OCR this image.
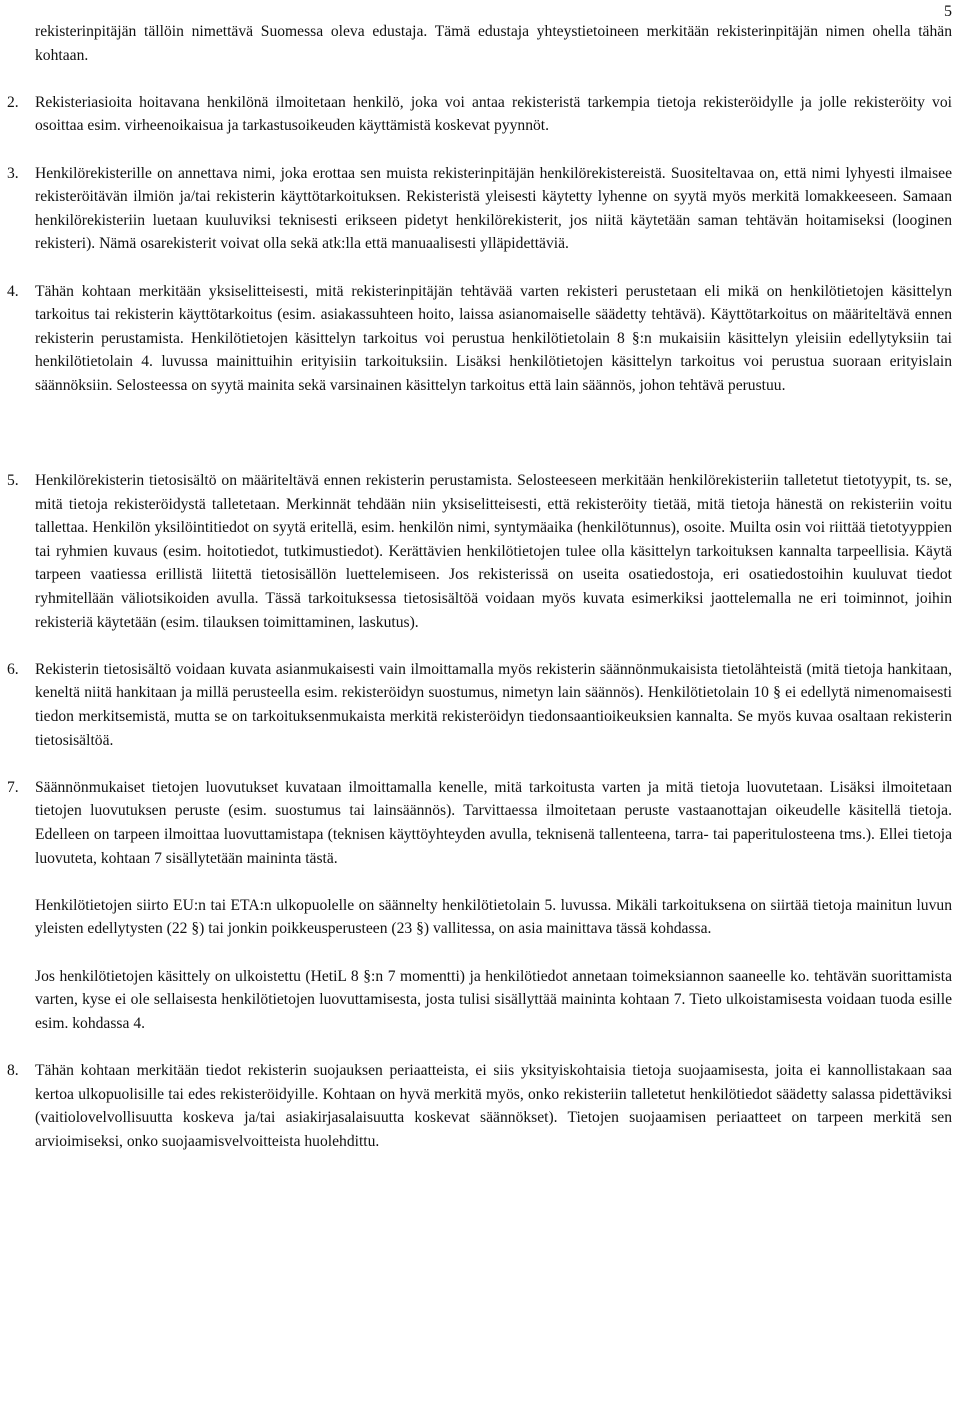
5
rekisterinpitäjän tällöin nimettävä Suomessa oleva edustaja. Tämä edustaja yhteystietoineen merkitään rekisterinpitäjän nimen ohella tähän kohtaan.
2. Rekisteriasioita hoitavana henkilönä ilmoitetaan henkilö, joka voi antaa rekisteristä tarkempia tietoja rekisteröidylle ja jolle rekisteröity voi osoittaa esim. virheenoikaisua ja tarkastusoikeuden käyttämistä koskevat pyynnöt.
3. Henkilörekisterille on annettava nimi, joka erottaa sen muista rekisterinpitäjän henkilörekistereistä. Suositeltavaa on, että nimi lyhyesti ilmaisee rekisteröitävän ilmiön ja/tai rekisterin käyttötarkoituksen. Rekisteristä yleisesti käytetty lyhenne on syytä myös merkitä lomakkeeseen. Samaan henkilörekisteriin luetaan kuuluviksi teknisesti erikseen pidetyt henkilörekisterit, jos niitä käytetään saman tehtävän hoitamiseksi (looginen rekisteri). Nämä osarekisterit voivat olla sekä atk:lla että manuaalisesti ylläpidettäviä.
4. Tähän kohtaan merkitään yksiselitteisesti, mitä rekisterinpitäjän tehtävää varten rekisteri perustetaan eli mikä on henkilötietojen käsittelyn tarkoitus tai rekisterin käyttötarkoitus (esim. asiakassuhteen hoito, laissa asianomaiselle säädetty tehtävä). Käyttötarkoitus on määriteltävä ennen rekisterin perustamista. Henkilötietojen käsittelyn tarkoitus voi perustua henkilötietolain 8 §:n mukaisiin käsittelyn yleisiin edellytyksiin tai henkilötietolain 4. luvussa mainittuihin erityisiin tarkoituksiin. Lisäksi henkilötietojen käsittelyn tarkoitus voi perustua suoraan erityislain säännöksiin. Selosteessa on syytä mainita sekä varsinainen käsittelyn tarkoitus että lain säännös, johon tehtävä perustuu.
5. Henkilörekisterin tietosisältö on määriteltävä ennen rekisterin perustamista. Selosteeseen merkitään henkilörekisteriin talletetut tietotyypit, ts. se, mitä tietoja rekisteröidystä talletetaan. Merkinnät tehdään niin yksiselitteisesti, että rekisteröity tietää, mitä tietoja hänestä on rekisteriin voitu tallettaa. Henkilön yksilöintitiedot on syytä eritellä, esim. henkilön nimi, syntymäaika (henkilötunnus), osoite. Muilta osin voi riittää tietotyyppien tai ryhmien kuvaus (esim. hoitotiedot, tutkimustiedot). Kerättävien henkilötietojen tulee olla käsittelyn tarkoituksen kannalta tarpeellisia. Käytä tarpeen vaatiessa erillistä liitettä tietosisällön luettelemiseen. Jos rekisterissä on useita osatiedostoja, eri osatiedostoihin kuuluvat tiedot ryhmitellään väliotsikoiden avulla. Tässä tarkoituksessa tietosisältöä voidaan myös kuvata esimerkiksi jaottelemalla ne eri toiminnot, joihin rekisteriä käytetään (esim. tilauksen toimittaminen, laskutus).
6. Rekisterin tietosisältö voidaan kuvata asianmukaisesti vain ilmoittamalla myös rekisterin säännönmukaisista tietolähteistä (mitä tietoja hankitaan, keneltä niitä hankitaan ja millä perusteella esim. rekisteröidyn suostumus, nimetyn lain säännös). Henkilötietolain 10 § ei edellytä nimenomaisesti tiedon merkitsemistä, mutta se on tarkoituksenmukaista merkitä rekisteröidyn tiedonsaantioikeuksien kannalta. Se myös kuvaa osaltaan rekisterin tietosisältöä.
7. Säännönmukaiset tietojen luovutukset kuvataan ilmoittamalla kenelle, mitä tarkoitusta varten ja mitä tietoja luovutetaan. Lisäksi ilmoitetaan tietojen luovutuksen peruste (esim. suostumus tai lainsäännös). Tarvittaessa ilmoitetaan peruste vastaanottajan oikeudelle käsitellä tietoja. Edelleen on tarpeen ilmoittaa luovuttamistapa (teknisen käyttöyhteyden avulla, teknisenä tallenteena, tarra- tai paperitulosteena tms.). Ellei tietoja luovuteta, kohtaan 7 sisällytetään maininta tästä.
Henkilötietojen siirto EU:n tai ETA:n ulkopuolelle on säännelty henkilötietolain 5. luvussa. Mikäli tarkoituksena on siirtää tietoja mainitun luvun yleisten edellytysten (22 §) tai jonkin poikkeusperusteen (23 §) vallitessa, on asia mainittava tässä kohdassa.
Jos henkilötietojen käsittely on ulkoistettu (HetiL 8 §:n 7 momentti) ja henkilötiedot annetaan toimeksiannon saaneelle ko. tehtävän suorittamista varten, kyse ei ole sellaisesta henkilötietojen luovuttamisesta, josta tulisi sisällyttää maininta kohtaan 7. Tieto ulkoistamisesta voidaan tuoda esille esim. kohdassa 4.
8. Tähän kohtaan merkitään tiedot rekisterin suojauksen periaatteista, ei siis yksityiskohtaisia tietoja suojaamisesta, joita ei kannollistakaan saa kertoa ulkopuolisille tai edes rekisteröidyille. Kohtaan on hyvä merkitä myös, onko rekisteriin talletetut henkilötiedot säädetty salassa pidettäviksi (vaitiolovelvollisuutta koskeva ja/tai asiakirjasalaisuutta koskevat säännökset). Tietojen suojaamisen periaatteet on tarpeen merkitä sen arvioimiseksi, onko suojaamisvelvoitteista huolehdittu.
